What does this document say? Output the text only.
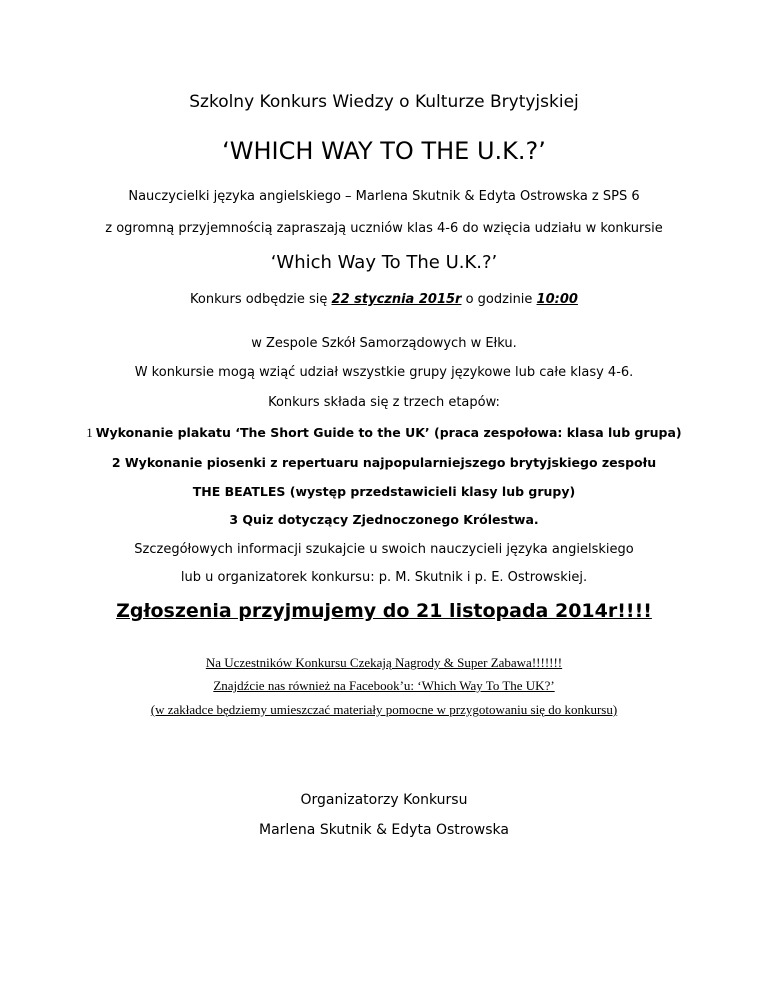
Szkolny Konkurs Wiedzy o Kulturze Brytyjskiej
‘WHICH WAY TO THE U.K.?’
Nauczycielki języka angielskiego – Marlena Skutnik & Edyta Ostrowska z SPS 6
z ogromną przyjemnością zapraszają uczniów klas 4-6 do wzięcia udziału w konkursie
‘Which Way To The U.K.?’
Konkurs odbędzie się 22 stycznia 2015r o godzinie 10:00
w Zespole Szkół Samorządowych w Ełku.
W konkursie mogą wziąć udział wszystkie grupy językowe lub całe klasy 4-6.
Konkurs składa się z trzech etapów:
1 Wykonanie plakatu ‘The Short Guide to the UK’ (praca zespołowa: klasa lub grupa)
2 Wykonanie piosenki z repertuaru najpopularniejszego brytyjskiego zespołu
THE BEATLES (występ przedstawicieli klasy lub grupy)
3 Quiz dotyczący Zjednoczonego Królestwa.
Szczegółowych informacji szukajcie u swoich nauczycieli języka angielskiego
lub u organizatorek konkursu: p. M. Skutnik i p. E. Ostrowskiej.
Zgłoszenia przyjmujemy do 21 listopada 2014r!!!!
Na Uczestników Konkursu Czekają Nagrody & Super Zabawa!!!!!!!
Znajdźcie nas również na Facebook’u: ‘Which Way To The UK?’
(w zakładce będziemy umieszczać materiały pomocne w przygotowaniu się do konkursu)
Organizatorzy Konkursu
Marlena Skutnik & Edyta Ostrowska
